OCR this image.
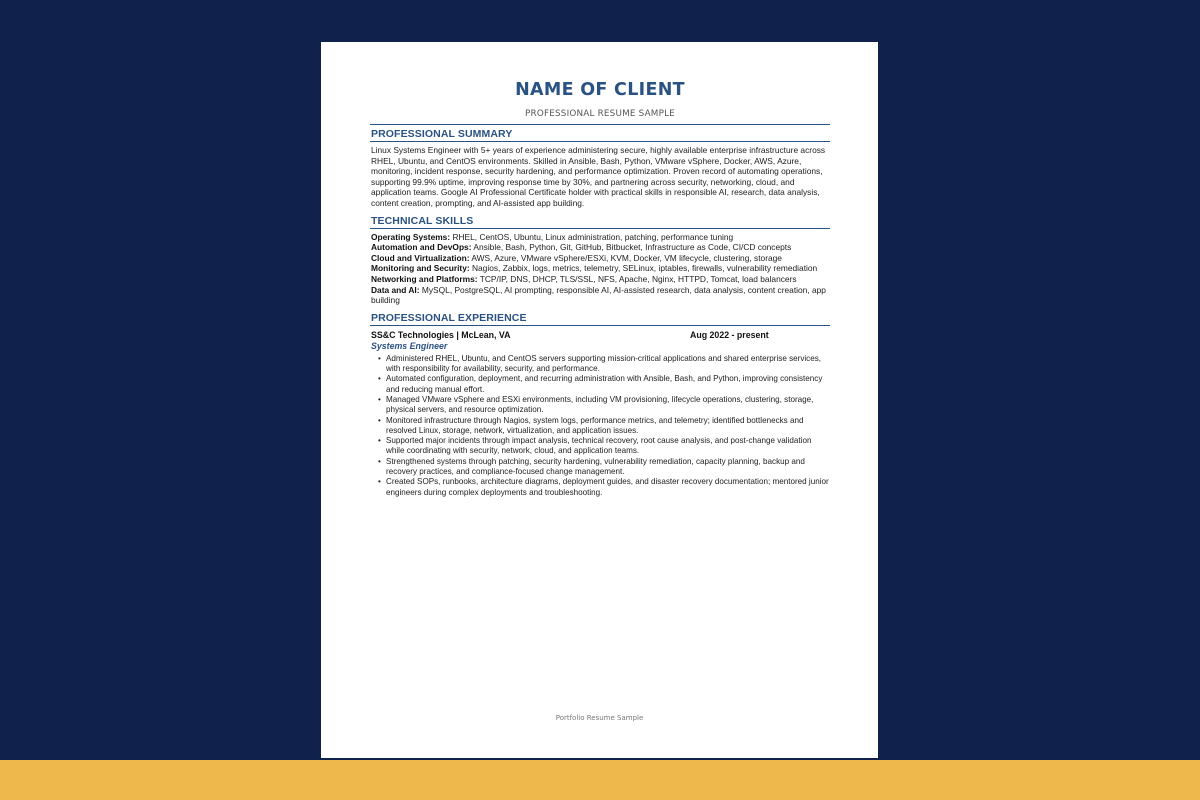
NAME OF CLIENT
PROFESSIONAL RESUME SAMPLE
PROFESSIONAL SUMMARY
Linux Systems Engineer with 5+ years of experience administering secure, highly available enterprise infrastructure across RHEL, Ubuntu, and CentOS environments. Skilled in Ansible, Bash, Python, VMware vSphere, Docker, AWS, Azure, monitoring, incident response, security hardening, and performance optimization. Proven record of automating operations, supporting 99.9% uptime, improving response time by 30%, and partnering across security, networking, cloud, and application teams. Google AI Professional Certificate holder with practical skills in responsible AI, research, data analysis, content creation, prompting, and AI-assisted app building.
TECHNICAL SKILLS
Operating Systems: RHEL, CentOS, Ubuntu, Linux administration, patching, performance tuning
Automation and DevOps: Ansible, Bash, Python, Git, GitHub, Bitbucket, Infrastructure as Code, CI/CD concepts
Cloud and Virtualization: AWS, Azure, VMware vSphere/ESXi, KVM, Docker, VM lifecycle, clustering, storage
Monitoring and Security: Nagios, Zabbix, logs, metrics, telemetry, SELinux, iptables, firewalls, vulnerability remediation
Networking and Platforms: TCP/IP, DNS, DHCP, TLS/SSL, NFS, Apache, Nginx, HTTPD, Tomcat, load balancers
Data and AI: MySQL, PostgreSQL, AI prompting, responsible AI, AI-assisted research, data analysis, content creation, app building
PROFESSIONAL EXPERIENCE
SS&C Technologies | McLean, VA	Aug 2022 - present
Systems Engineer
• Administered RHEL, Ubuntu, and CentOS servers supporting mission-critical applications and shared enterprise services, with responsibility for availability, security, and performance.
• Automated configuration, deployment, and recurring administration with Ansible, Bash, and Python, improving consistency and reducing manual effort.
• Managed VMware vSphere and ESXi environments, including VM provisioning, lifecycle operations, clustering, storage, physical servers, and resource optimization.
• Monitored infrastructure through Nagios, system logs, performance metrics, and telemetry; identified bottlenecks and resolved Linux, storage, network, virtualization, and application issues.
• Supported major incidents through impact analysis, technical recovery, root cause analysis, and post-change validation while coordinating with security, network, cloud, and application teams.
• Strengthened systems through patching, security hardening, vulnerability remediation, capacity planning, backup and recovery practices, and compliance-focused change management.
• Created SOPs, runbooks, architecture diagrams, deployment guides, and disaster recovery documentation; mentored junior engineers during complex deployments and troubleshooting.
Portfolio Resume Sample
